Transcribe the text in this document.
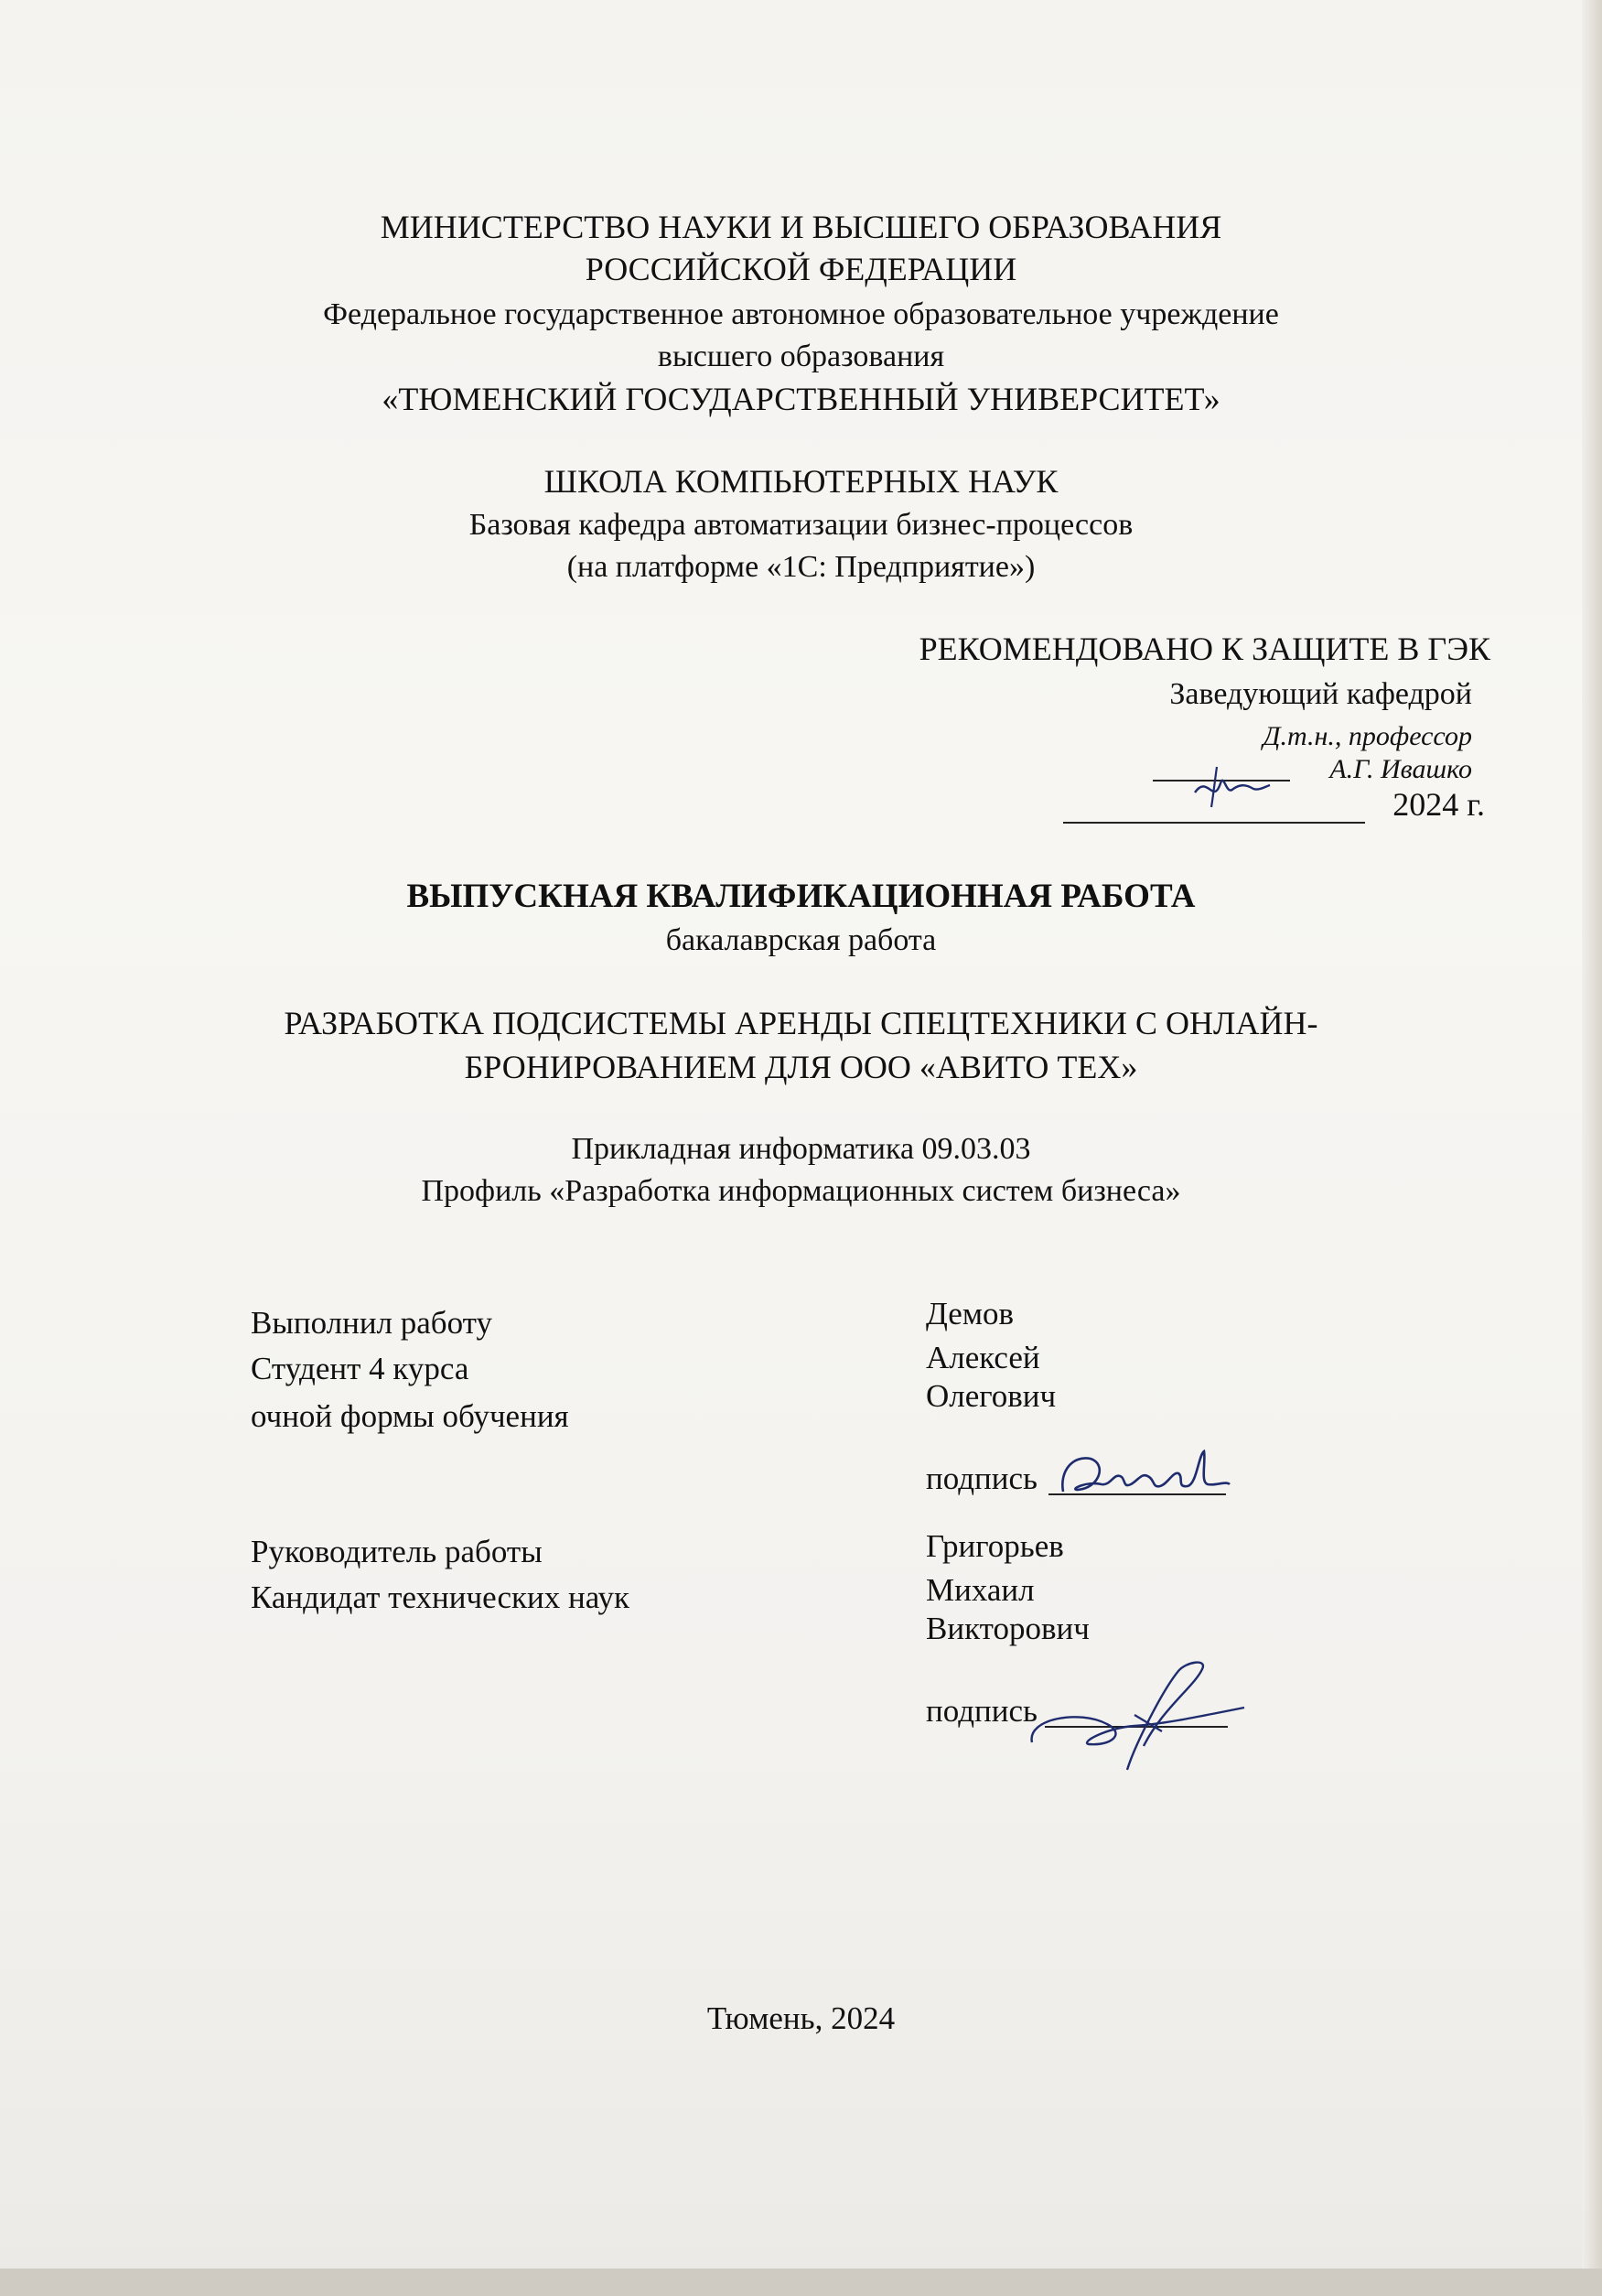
МИНИСТЕРСТВО НАУКИ И ВЫСШЕГО ОБРАЗОВАНИЯ
РОССИЙСКОЙ ФЕДЕРАЦИИ
Федеральное государственное автономное образовательное учреждение
высшего образования
«ТЮМЕНСКИЙ ГОСУДАРСТВЕННЫЙ УНИВЕРСИТЕТ»
ШКОЛА КОМПЬЮТЕРНЫХ НАУК
Базовая кафедра автоматизации бизнес-процессов
(на платформе «1С: Предприятие»)
РЕКОМЕНДОВАНО К ЗАЩИТЕ В ГЭК
Заведующий кафедрой
Д.т.н., профессор
А.Г. Ивашко
2024 г.
ВЫПУСКНАЯ КВАЛИФИКАЦИОННАЯ РАБОТА
бакалаврская работа
РАЗРАБОТКА ПОДСИСТЕМЫ АРЕНДЫ СПЕЦТЕХНИКИ С ОНЛАЙН-
БРОНИРОВАНИЕМ ДЛЯ ООО «АВИТО ТЕХ»
Прикладная информатика 09.03.03
Профиль «Разработка информационных систем бизнеса»
Выполнил работу
Студент 4 курса
очной формы обучения
Демов
Алексей
Олегович
подпись
Руководитель работы
Кандидат технических наук
Григорьев
Михаил
Викторович
подпись
Тюмень, 2024
